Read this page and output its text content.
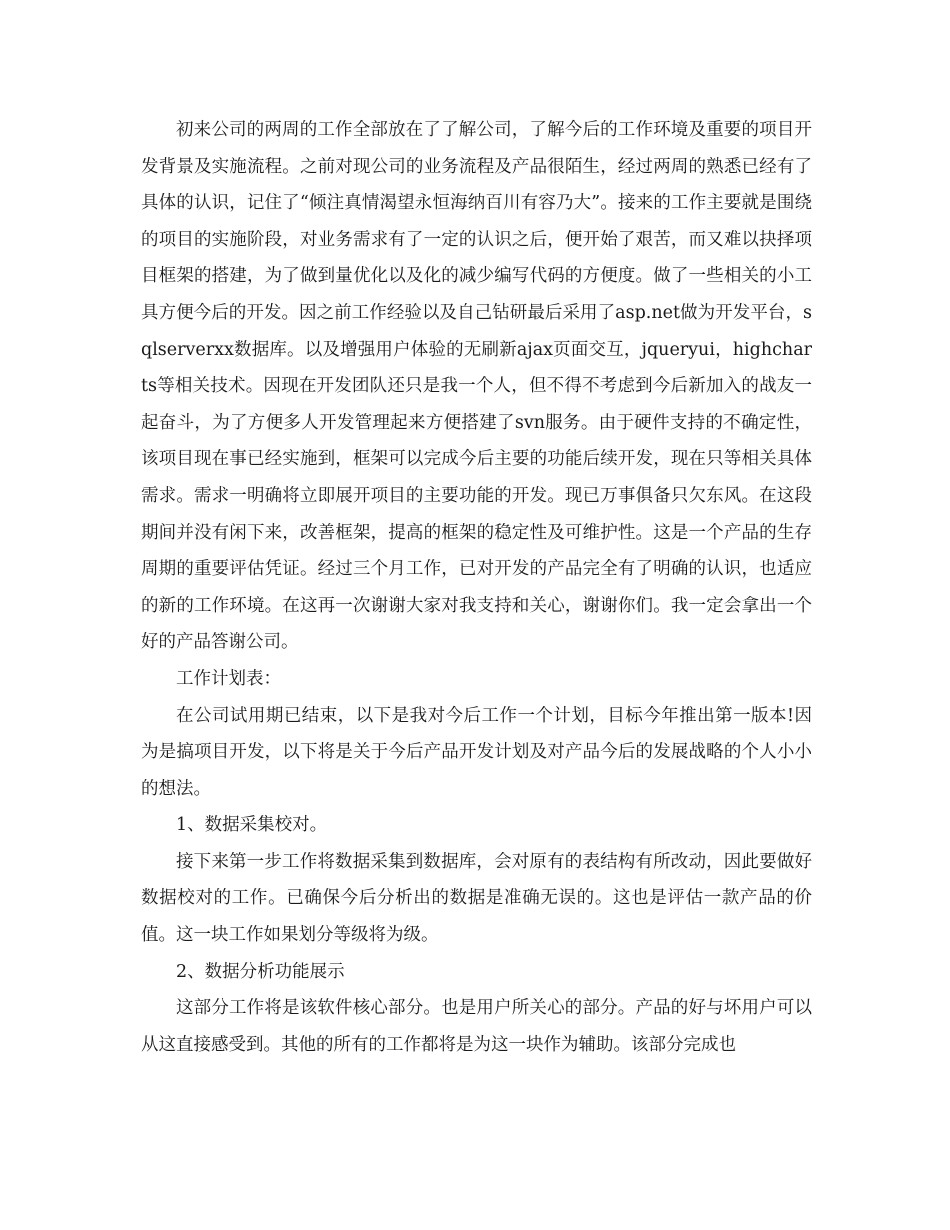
初来公司的两周的工作全部放在了了解公司，了解今后的工作环境及重要的项目开发背景及实施流程。之前对现公司的业务流程及产品很陌生，经过两周的熟悉已经有了具体的认识，记住了“倾注真情渴望永恒海纳百川有容乃大”。接来的工作主要就是围绕的项目的实施阶段，对业务需求有了一定的认识之后，便开始了艰苦，而又难以抉择项目框架的搭建，为了做到量优化以及化的减少编写代码的方便度。做了一些相关的小工具方便今后的开发。因之前工作经验以及自己钻研最后采用了asp.net做为开发平台，sqlserverxx数据库。以及增强用户体验的无刷新ajax页面交互，jqueryui，highcharts等相关技术。因现在开发团队还只是我一个人，但不得不考虑到今后新加入的战友一起奋斗，为了方便多人开发管理起来方便搭建了svn服务。由于硬件支持的不确定性，该项目现在事已经实施到，框架可以完成今后主要的功能后续开发，现在只等相关具体需求。需求一明确将立即展开项目的主要功能的开发。现已万事俱备只欠东风。在这段期间并没有闲下来，改善框架，提高的框架的稳定性及可维护性。这是一个产品的生存周期的重要评估凭证。经过三个月工作，已对开发的产品完全有了明确的认识，也适应的新的工作环境。在这再一次谢谢大家对我支持和关心，谢谢你们。我一定会拿出一个好的产品答谢公司。

工作计划表：

在公司试用期已结束，以下是我对今后工作一个计划，目标今年推出第一版本!因为是搞项目开发，以下将是关于今后产品开发计划及对产品今后的发展战略的个人小小的想法。

1、数据采集校对。

接下来第一步工作将数据采集到数据库，会对原有的表结构有所改动，因此要做好数据校对的工作。已确保今后分析出的数据是准确无误的。这也是评估一款产品的价值。这一块工作如果划分等级将为级。

2、数据分析功能展示

这部分工作将是该软件核心部分。也是用户所关心的部分。产品的好与坏用户可以从这直接感受到。其他的所有的工作都将是为这一块作为辅助。该部分完成也
